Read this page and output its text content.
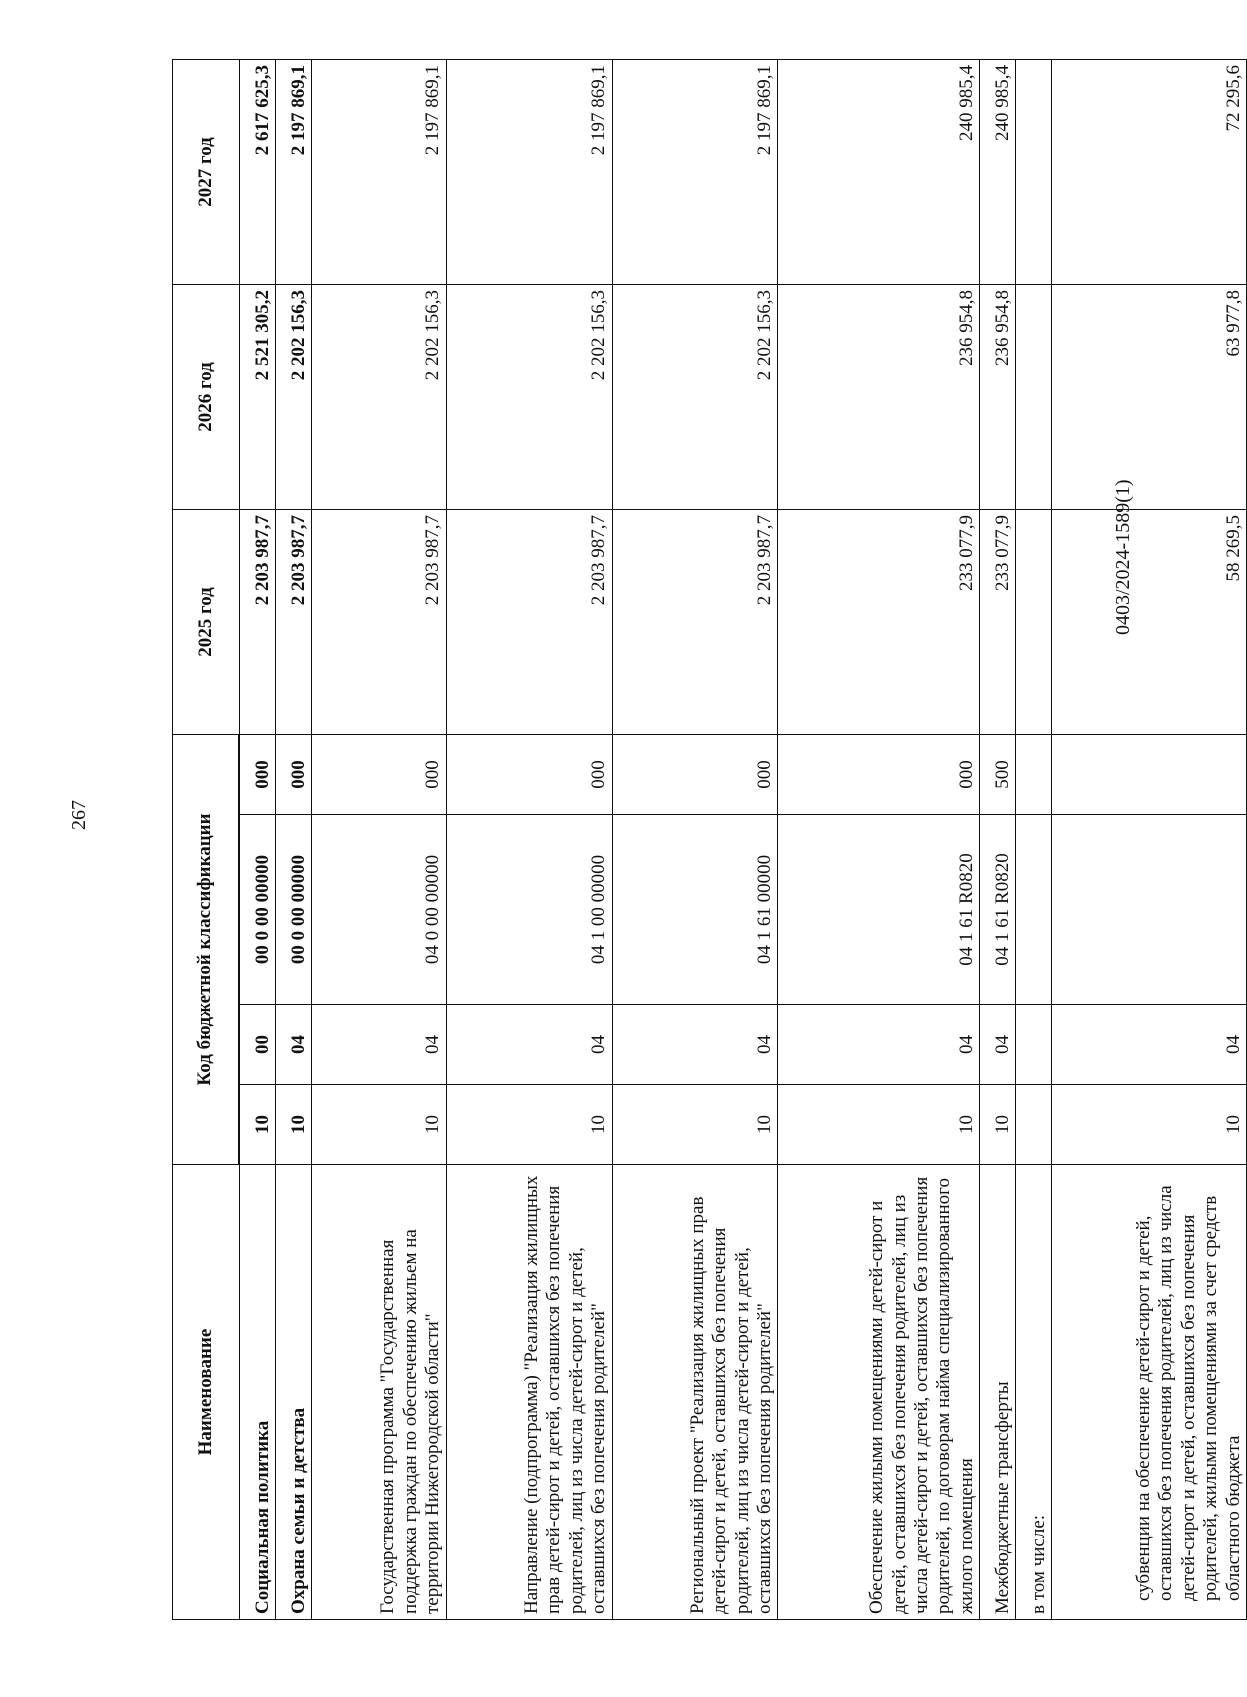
267
Наименование	Код бюджетной классификации				2025 год	2026 год	2027 год

Социальная политика	10	00	00 0 00 00000	000	2 203 987,7	2 521 305,2	2 617 625,3
Охрана семьи и детства	10	04	00 0 00 00000	000	2 203 987,7	2 202 156,3	2 197 869,1
Государственная программа "Государственная поддержка граждан по обеспечению жильем на территории Нижегородской области"	10	04	04 0 00 00000	000	2 203 987,7	2 202 156,3	2 197 869,1
Направление (подпрограмма) "Реализация жилищных прав детей-сирот и детей, оставшихся без попечения родителей, лиц из числа детей-сирот и детей, оставшихся без попечения родителей"	10	04	04 1 00 00000	000	2 203 987,7	2 202 156,3	2 197 869,1
Региональный проект "Реализация жилищных прав детей-сирот и детей, оставшихся без попечения родителей, лиц из числа детей-сирот и детей, оставшихся без попечения родителей"	10	04	04 1 61 00000	000	2 203 987,7	2 202 156,3	2 197 869,1
Обеспечение жилыми помещениями детей-сирот и детей, оставшихся без попечения родителей, лиц из числа детей-сирот и детей, оставшихся без попечения родителей, по договорам найма специализированного жилого помещения	10	04	04 1 61 R0820	000	233 077,9	236 954,8	240 985,4
Межбюджетные трансферты	10	04	04 1 61 R0820	500	233 077,9	236 954,8	240 985,4
в том числе:							
субвенции на обеспечение детей-сирот и детей, оставшихся без попечения родителей, лиц из числа детей-сирот и детей, оставшихся без попечения родителей, жилыми помещениями за счет средств областного бюджета	10	04			58 269,5	63 977,8	72 295,6
0403/2024-1589(1)
